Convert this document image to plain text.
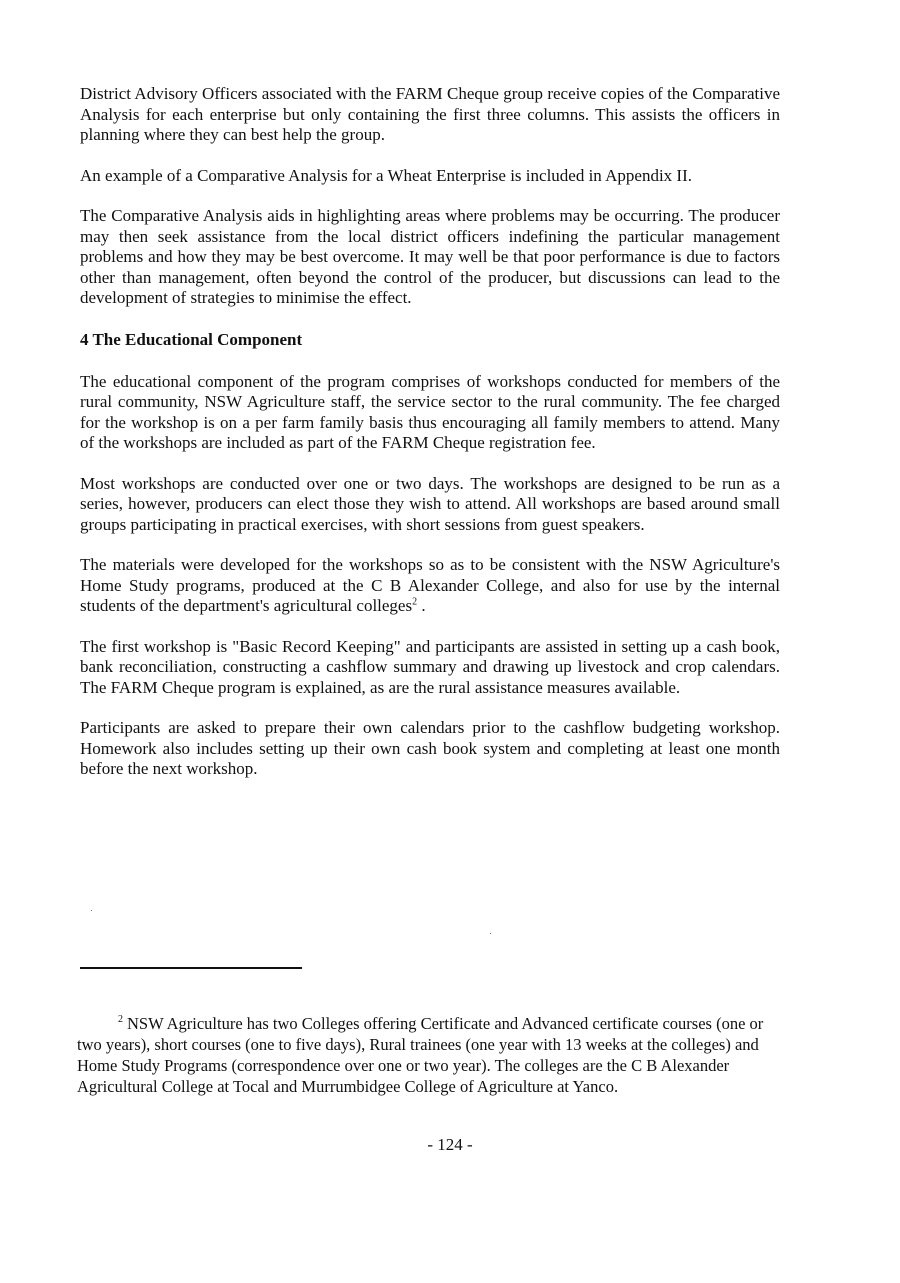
District Advisory Officers associated with the FARM Cheque group receive copies of the Comparative Analysis for each enterprise but only containing the first three columns. This assists the officers in planning where they can best help the group.

An example of a Comparative Analysis for a Wheat Enterprise is included in Appendix II.

The Comparative Analysis aids in highlighting areas where problems may be occurring. The producer may then seek assistance from the local district officers indefining the particular management problems and how they may be best overcome. It may well be that poor performance is due to factors other than management, often beyond the control of the producer, but discussions can lead to the development of strategies to minimise the effect.

4 The Educational Component

The educational component of the program comprises of workshops conducted for members of the rural community, NSW Agriculture staff, the service sector to the rural community. The fee charged for the workshop is on a per farm family basis thus encouraging all family members to attend. Many of the workshops are included as part of the FARM Cheque registration fee.

Most workshops are conducted over one or two days. The workshops are designed to be run as a series, however, producers can elect those they wish to attend. All workshops are based around small groups participating in practical exercises, with short sessions from guest speakers.

The materials were developed for the workshops so as to be consistent with the NSW Agriculture's Home Study programs, produced at the C B Alexander College, and also for use by the internal students of the department's agricultural colleges$^2$ .

The first workshop is "Basic Record Keeping" and participants are assisted in setting up a cash book, bank reconciliation, constructing a cashflow summary and drawing up livestock and crop calendars. The FARM Cheque program is explained, as are the rural assistance measures available.

Participants are asked to prepare their own calendars prior to the cashflow budgeting workshop. Homework also includes setting up their own cash book system and completing at least one month before the next workshop.

$^2$ NSW Agriculture has two Colleges offering Certificate and Advanced certificate courses (one or two years), short courses (one to five days), Rural trainees (one year with 13 weeks at the colleges) and Home Study Programs (correspondence over one or two year). The colleges are the C B Alexander Agricultural College at Tocal and Murrumbidgee College of Agriculture at Yanco.

- 124 -
